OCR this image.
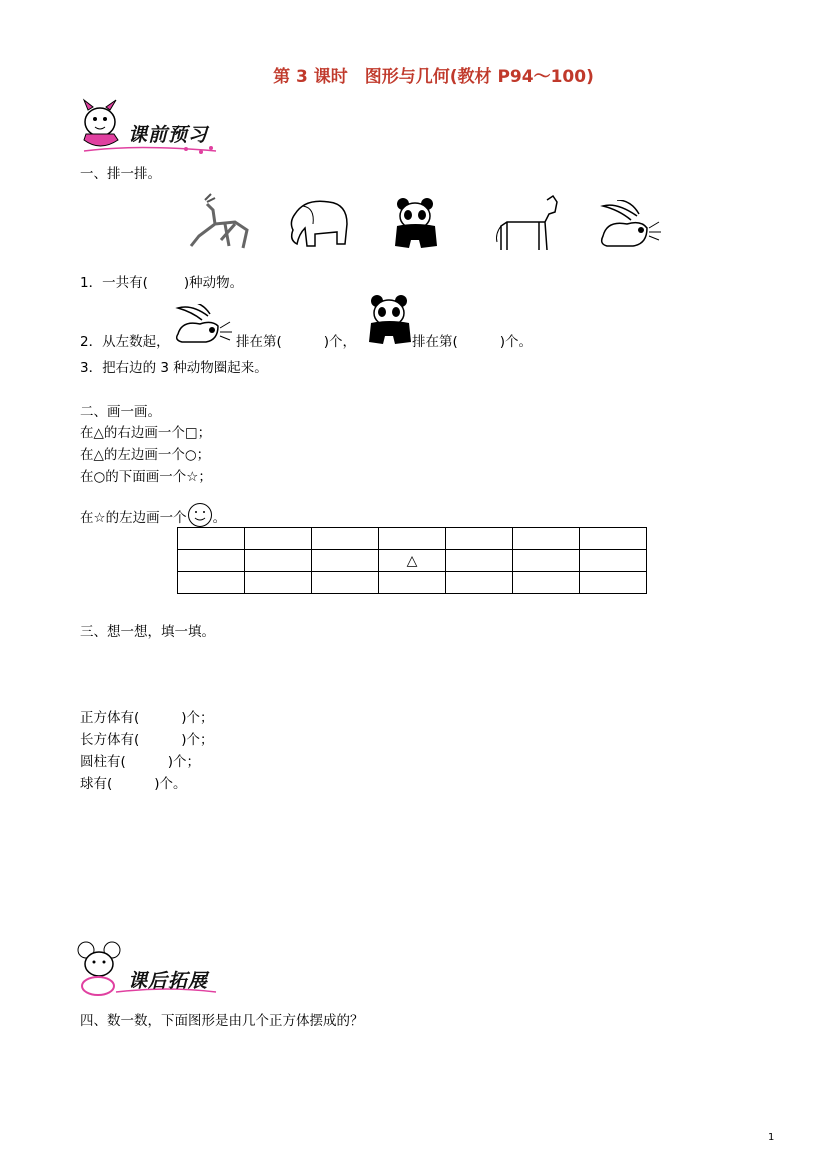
第 3 课时　图形与几何(教材 P94～100)
课前预习
一、排一排。
1．一共有(	)种动物。
2．从左数起，	排在第(	)个，	排在第(	)个。
3．把右边的 3 种动物圈起来。
二、画一画。
在△的右边画一个□；
在△的左边画一个○；
在○的下面画一个☆；
在☆的左边画一个 。

			△			

三、想一想，填一填。
正方体有(	)个；
长方体有(	)个；
圆柱有(	)个；
球有(	)个。
课后拓展
四、数一数，下面图形是由几个正方体摆成的？
1
